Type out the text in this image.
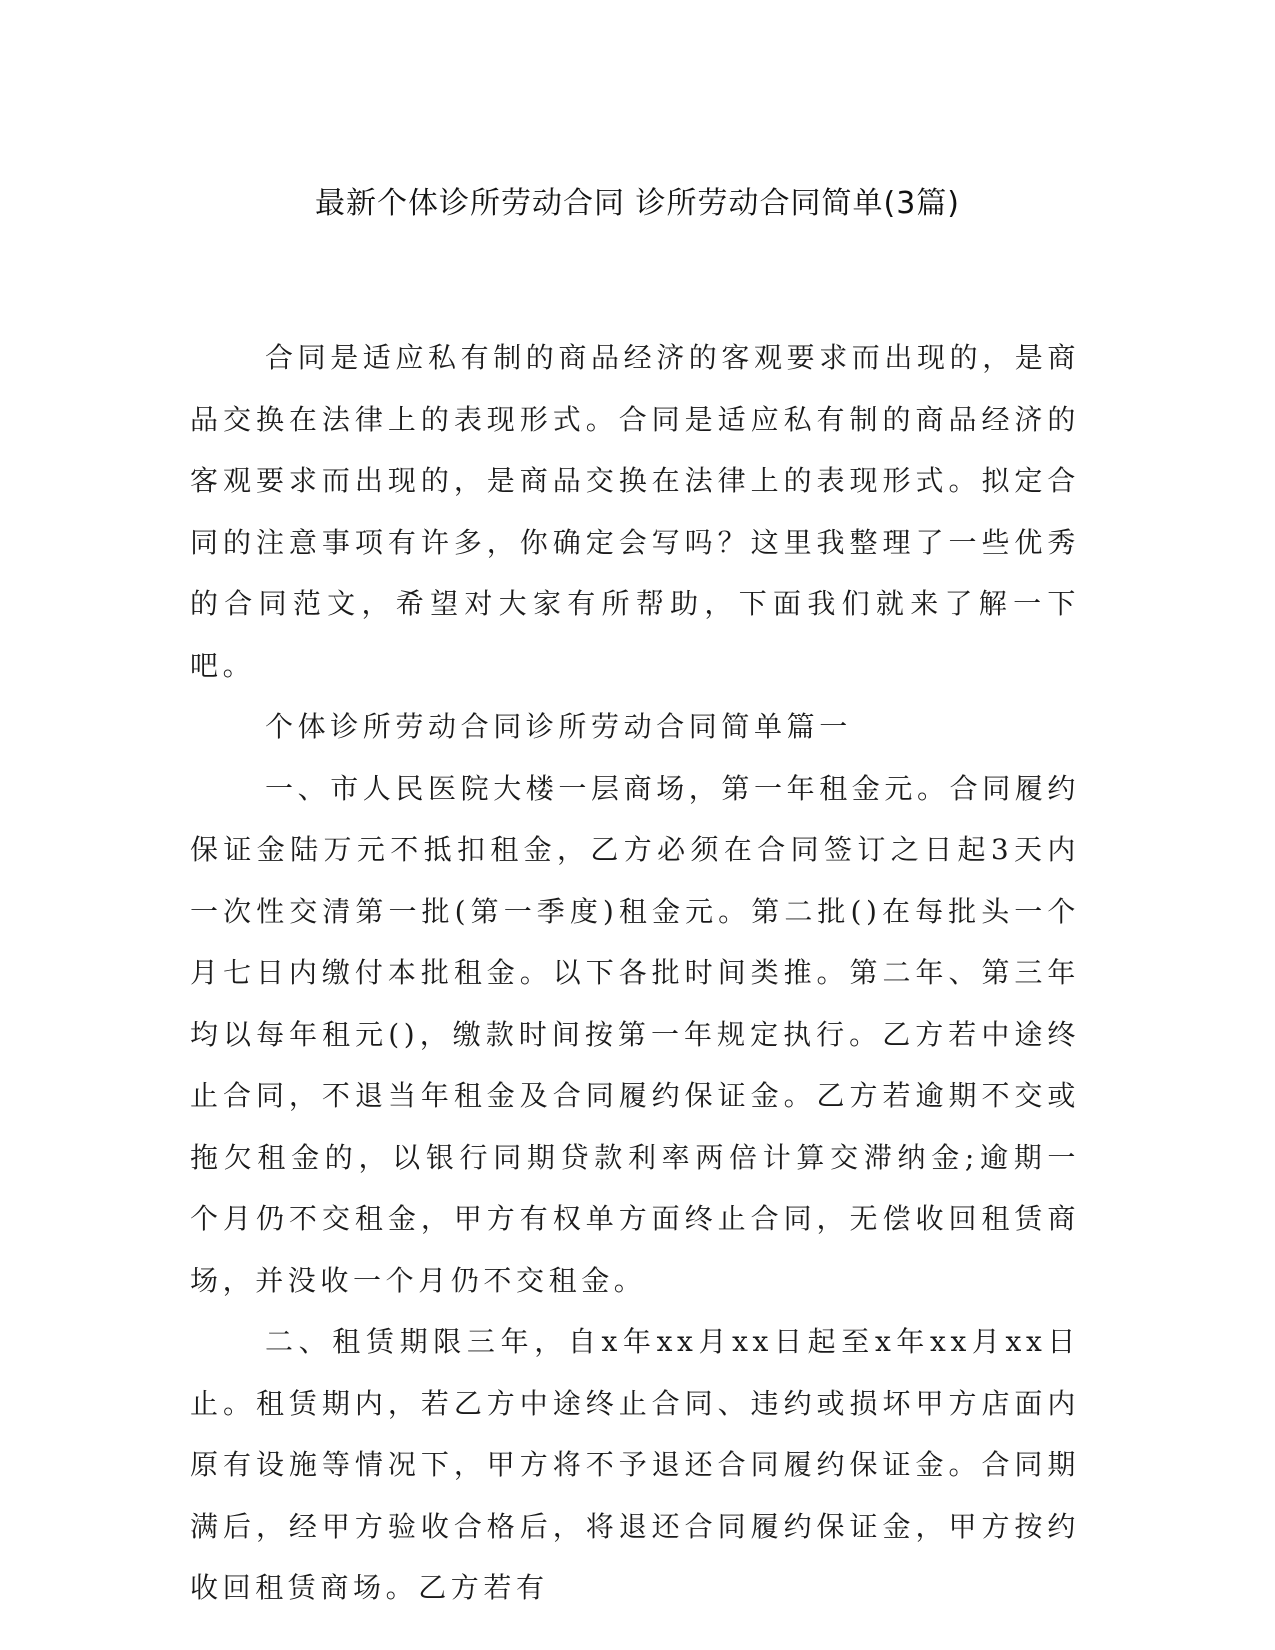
最新个体诊所劳动合同 诊所劳动合同简单(3篇)

合同是适应私有制的商品经济的客观要求而出现的，是商品交换在法律上的表现形式。合同是适应私有制的商品经济的客观要求而出现的，是商品交换在法律上的表现形式。拟定合同的注意事项有许多，你确定会写吗？这里我整理了一些优秀的合同范文，希望对大家有所帮助，下面我们就来了解一下吧。

个体诊所劳动合同诊所劳动合同简单篇一

一、市人民医院大楼一层商场，第一年租金元。合同履约保证金陆万元不抵扣租金，乙方必须在合同签订之日起3天内一次性交清第一批(第一季度)租金元。第二批()在每批头一个月七日内缴付本批租金。以下各批时间类推。第二年、第三年均以每年租元()，缴款时间按第一年规定执行。乙方若中途终止合同，不退当年租金及合同履约保证金。乙方若逾期不交或拖欠租金的，以银行同期贷款利率两倍计算交滞纳金;逾期一个月仍不交租金，甲方有权单方面终止合同，无偿收回租赁商场，并没收一个月仍不交租金。

二、租赁期限三年，自x年xx月xx日起至x年xx月xx日止。租赁期内，若乙方中途终止合同、违约或损坏甲方店面内原有设施等情况下，甲方将不予退还合同履约保证金。合同期满后，经甲方验收合格后，将退还合同履约保证金，甲方按约收回租赁商场。乙方若有
